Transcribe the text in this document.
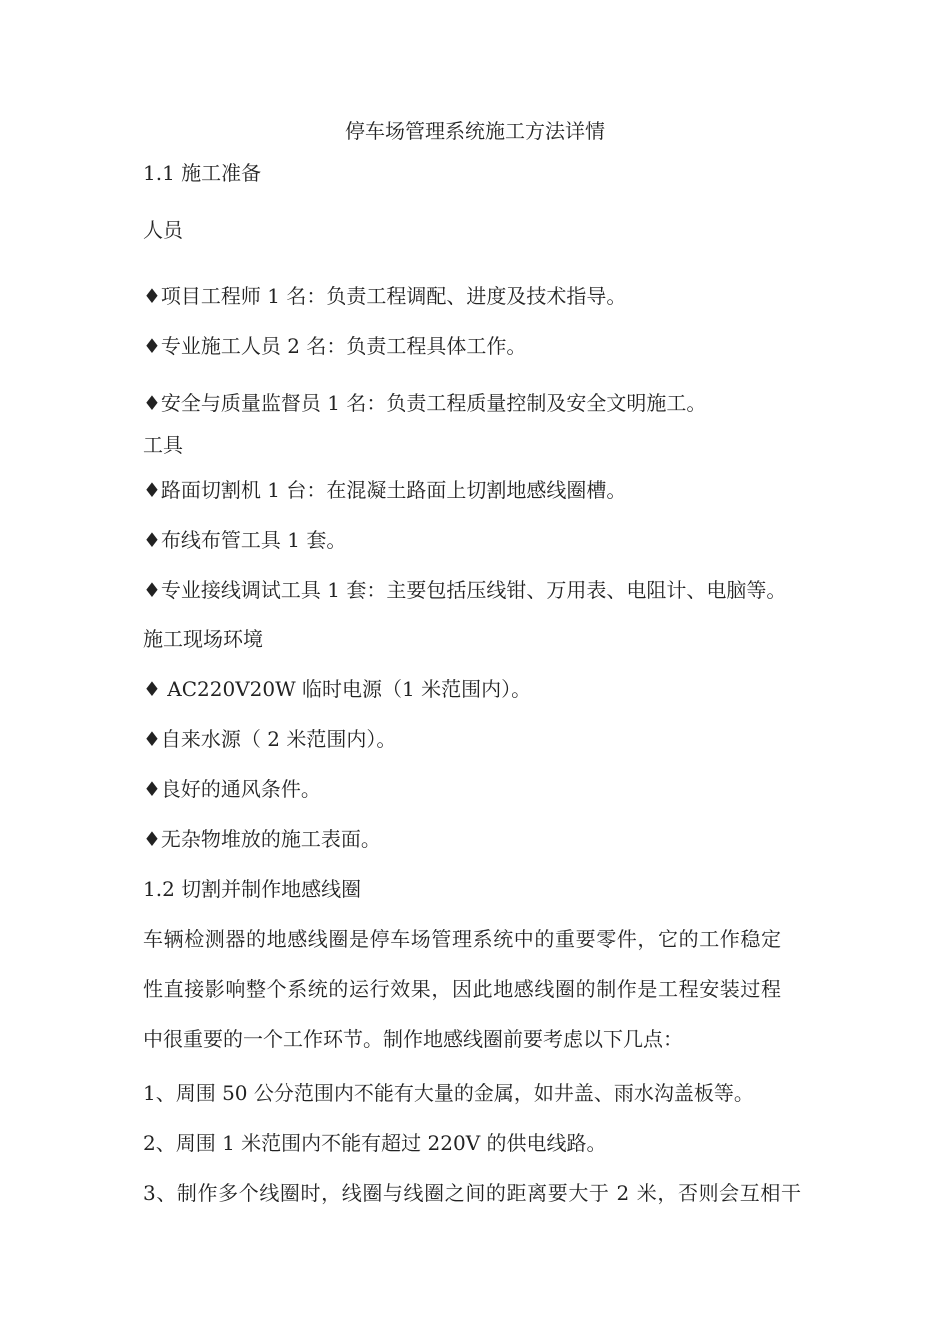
停车场管理系统施工方法详情
1.1 施工准备
人员
♦项目工程师 1 名：负责工程调配、进度及技术指导。
♦专业施工人员 2 名：负责工程具体工作。
♦安全与质量监督员 1 名：负责工程质量控制及安全文明施工。
工具
♦路面切割机 1 台：在混凝土路面上切割地感线圈槽。
♦布线布管工具 1 套。
♦专业接线调试工具 1 套：主要包括压线钳、万用表、电阻计、电脑等。
施工现场环境
♦ AC220V20W 临时电源（1 米范围内）。
♦自来水源（ 2 米范围内）。
♦良好的通风条件。
♦无杂物堆放的施工表面。
1.2 切割并制作地感线圈
车辆检测器的地感线圈是停车场管理系统中的重要零件，它的工作稳定
性直接影响整个系统的运行效果，因此地感线圈的制作是工程安装过程
中很重要的一个工作环节。制作地感线圈前要考虑以下几点：
1、周围 50 公分范围内不能有大量的金属，如井盖、雨水沟盖板等。
2、周围 1 米范围内不能有超过 220V 的供电线路。
3、制作多个线圈时，线圈与线圈之间的距离要大于 2 米，否则会互相干
